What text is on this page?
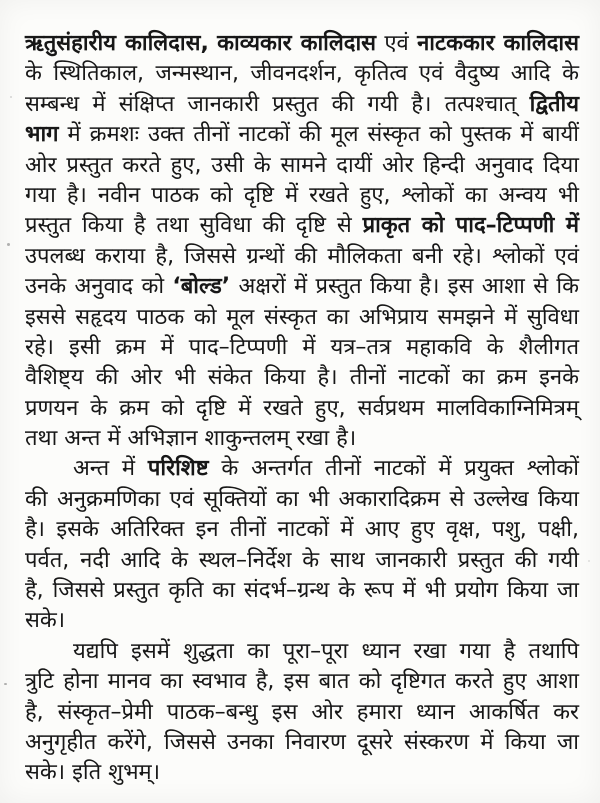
ऋतुसंहारीय कालिदास, काव्यकार कालिदास एवं नाटककार कालिदास
के स्थितिकाल, जन्मस्थान, जीवनदर्शन, कृतित्व एवं वैदुष्य आदि के
सम्बन्ध में संक्षिप्त जानकारी प्रस्तुत की गयी है। तत्पश्चात् द्वितीय
भाग में क्रमशः उक्त तीनों नाटकों की मूल संस्कृत को पुस्तक में बायीं
ओर प्रस्तुत करते हुए, उसी के सामने दायीं ओर हिन्दी अनुवाद दिया
गया है। नवीन पाठक को दृष्टि में रखते हुए, श्लोकों का अन्वय भी
प्रस्तुत किया है तथा सुविधा की दृष्टि से प्राकृत को पाद–टिप्पणी में
उपलब्ध कराया है, जिससे ग्रन्थों की मौलिकता बनी रहे। श्लोकों एवं
उनके अनुवाद को ‘बोल्ड’ अक्षरों में प्रस्तुत किया है। इस आशा से कि
इससे सहृदय पाठक को मूल संस्कृत का अभिप्राय समझने में सुविधा
रहे। इसी क्रम में पाद–टिप्पणी में यत्र–तत्र महाकवि के शैलीगत
वैशिष्ट्य की ओर भी संकेत किया है। तीनों नाटकों का क्रम इनके
प्रणयन के क्रम को दृष्टि में रखते हुए, सर्वप्रथम मालविकाग्निमित्रम्
तथा अन्त में अभिज्ञान शाकुन्तलम् रखा है।
अन्त में परिशिष्ट के अन्तर्गत तीनों नाटकों में प्रयुक्त श्लोकों
की अनुक्रमणिका एवं सूक्तियों का भी अकारादिक्रम से उल्लेख किया
है। इसके अतिरिक्त इन तीनों नाटकों में आए हुए वृक्ष, पशु, पक्षी,
पर्वत, नदी आदि के स्थल–निर्देश के साथ जानकारी प्रस्तुत की गयी
है, जिससे प्रस्तुत कृति का संदर्भ–ग्रन्थ के रूप में भी प्रयोग किया जा
सके।
यद्यपि इसमें शुद्धता का पूरा–पूरा ध्यान रखा गया है तथापि
त्रुटि होना मानव का स्वभाव है, इस बात को दृष्टिगत करते हुए आशा
है, संस्कृत–प्रेमी पाठक–बन्धु इस ओर हमारा ध्यान आकर्षित कर
अनुगृहीत करेंगे, जिससे उनका निवारण दूसरे संस्करण में किया जा
सके। इति शुभम्।
